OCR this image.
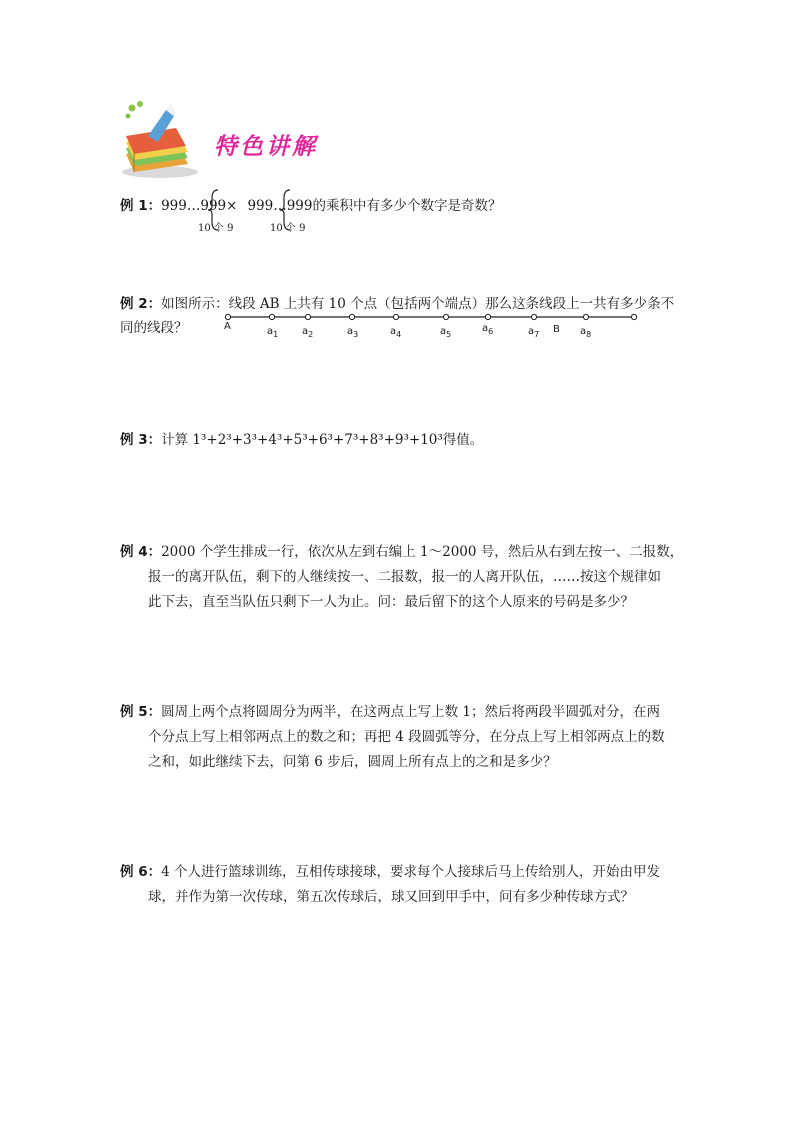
特色讲解
例 1：999…999× 999…999的乘积中有多少个数字是奇数？
10 个 9	10 个 9
例 2：如图所示：线段 AB 上共有 10 个点（包括两个端点）那么这条线段上一共有多少条不
同的线段？	A	$a_1$ $a_2$	$a_3$	$a_4$	$a_5$
$a_6$	$a_7$ B $a_8$
例 3：计算 1³+2³+3³+4³+5³+6³+7³+8³+9³+10³得值。
例 4：2000 个学生排成一行，依次从左到右编上 1～2000 号，然后从右到左按一、二报数，
报一的离开队伍，剩下的人继续按一、二报数，报一的人离开队伍，……按这个规律如
此下去，直至当队伍只剩下一人为止。问：最后留下的这个人原来的号码是多少？
例 5：圆周上两个点将圆周分为两半，在这两点上写上数 1；然后将两段半圆弧对分，在两
个分点上写上相邻两点上的数之和；再把 4 段圆弧等分，在分点上写上相邻两点上的数
之和，如此继续下去，问第 6 步后，圆周上所有点上的之和是多少？
例 6：4 个人进行篮球训练，互相传球接球，要求每个人接球后马上传给别人，开始由甲发
球，并作为第一次传球，第五次传球后，球又回到甲手中，问有多少种传球方式？
